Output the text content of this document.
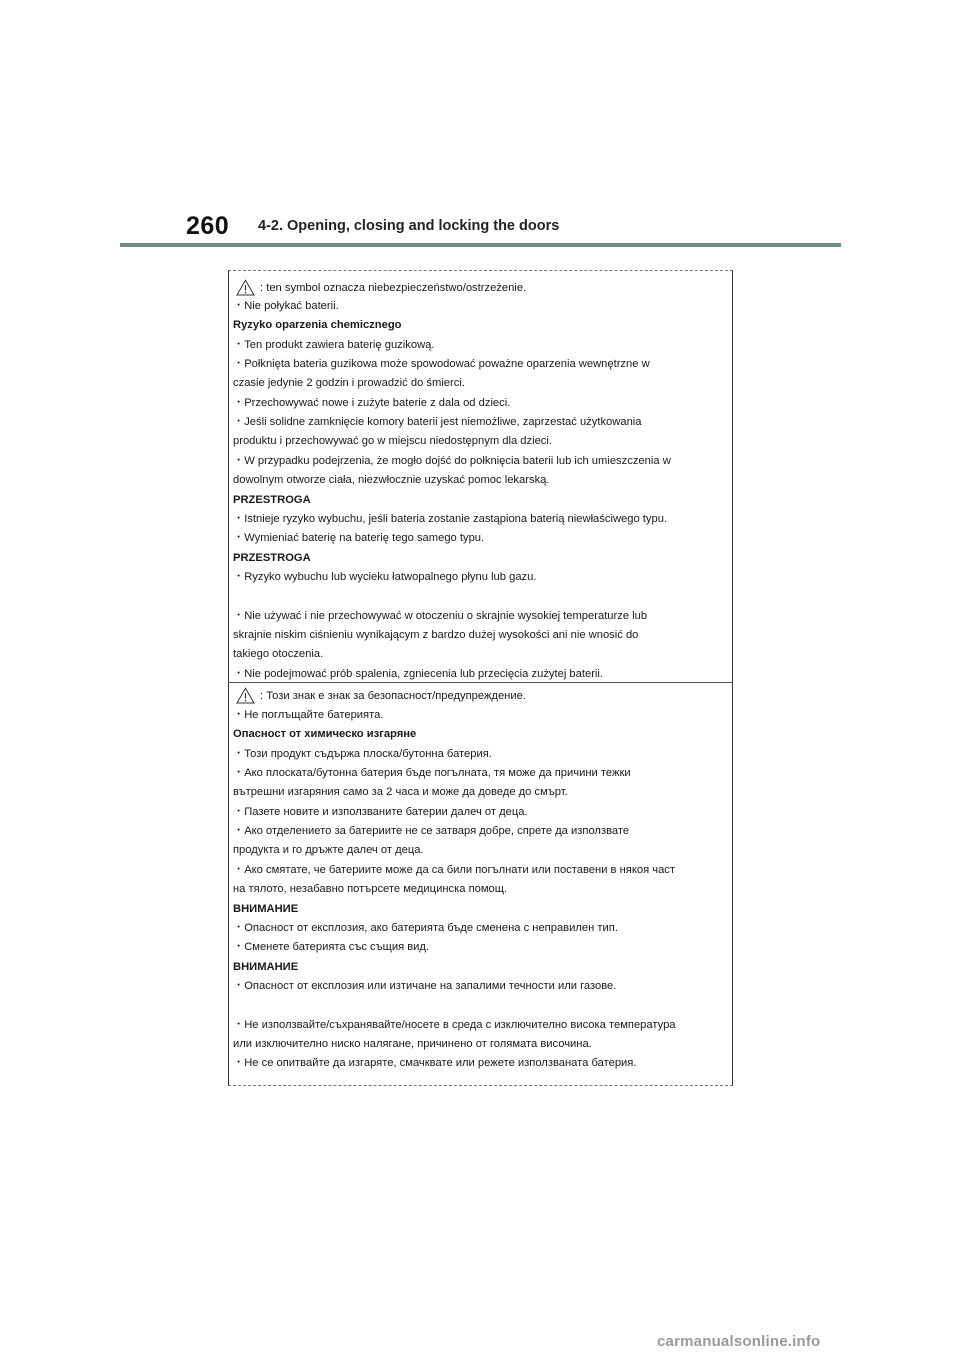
260 4-2. Opening, closing and locking the doors
: ten symbol oznacza niebezpieczeństwo/ostrzeżenie.
・Nie połykać baterii.
Ryzyko oparzenia chemicznego
・Ten produkt zawiera baterię guzikową.
・Połknięta bateria guzikowa może spowodować poważne oparzenia wewnętrzne w
czasie jedynie 2 godzin i prowadzić do śmierci.
・Przechowywać nowe i zużyte baterie z dala od dzieci.
・Jeśli solidne zamknięcie komory baterii jest niemożliwe, zaprzestać użytkowania
produktu i przechowywać go w miejscu niedostępnym dla dzieci.
・W przypadku podejrzenia, że mogło dojść do połknięcia baterii lub ich umieszczenia w
dowolnym otworze ciała, niezwłocznie uzyskać pomoc lekarską.
PRZESTROGA
・Istnieje ryzyko wybuchu, jeśli bateria zostanie zastąpiona baterią niewłaściwego typu.
・Wymieniać baterię na baterię tego samego typu.
PRZESTROGA
・Ryzyko wybuchu lub wycieku łatwopalnego płynu lub gazu.
・Nie używać i nie przechowywać w otoczeniu o skrajnie wysokiej temperaturze lub
skrajnie niskim ciśnieniu wynikającym z bardzo dużej wysokości ani nie wnosić do
takiego otoczenia.
・Nie podejmować prób spalenia, zgniecenia lub przecięcia zużytej baterii.
: Този знак е знак за безопасност/предупреждение.
・Не поглъщайте батерията.
Опасност от химическо изгаряне
・Този продукт съдържа плоска/бутонна батерия.
・Ако плоската/бутонна батерия бъде погълната, тя може да причини тежки
вътрешни изгаряния само за 2 часа и може да доведе до смърт.
・Пазете новите и използваните батерии далеч от деца.
・Ако отделението за батериите не се затваря добре, спрете да използвате
продукта и го дръжте далеч от деца.
・Ако смятате, че батериите може да са били погълнати или поставени в някоя част
на тялото, незабавно потърсете медицинска помощ.
ВНИМАНИЕ
・Опасност от експлозия, ако батерията бъде сменена с неправилен тип.
・Сменете батерията със същия вид.
ВНИМАНИЕ
・Опасност от експлозия или изтичане на запалими течности или газове.
・Не използвайте/съхранявайте/носете в среда с изключително висока температура
или изключително ниско налягане, причинено от голямата височина.
・Не се опитвайте да изгаряте, смачквате или режете използваната батерия.
carmanualsonline.info
